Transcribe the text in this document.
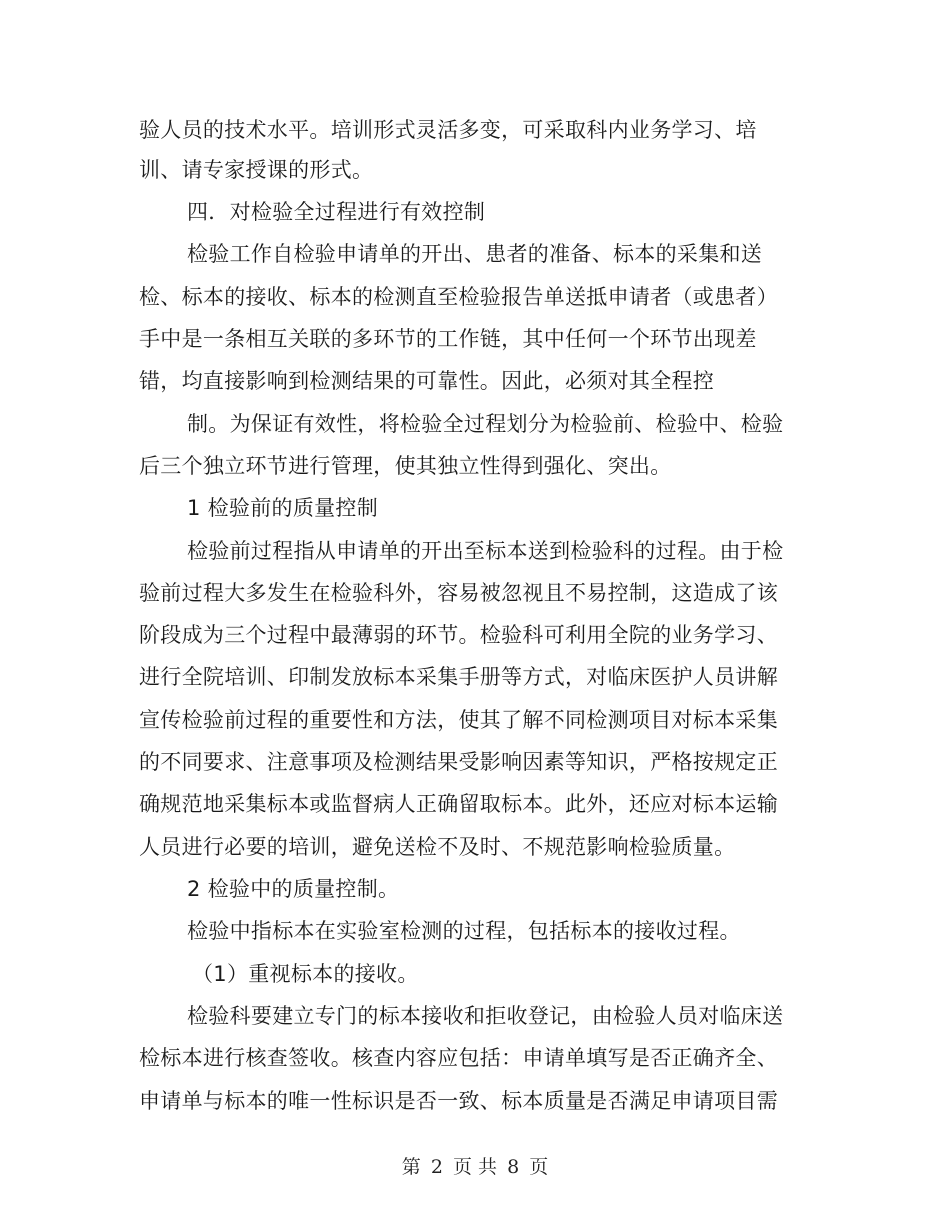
验人员的技术水平。培训形式灵活多变，可采取科内业务学习、培
训、请专家授课的形式。
四．对检验全过程进行有效控制
检验工作自检验申请单的开出、患者的准备、标本的采集和送
检、标本的接收、标本的检测直至检验报告单送抵申请者（或患者）
手中是一条相互关联的多环节的工作链，其中任何一个环节出现差
错，均直接影响到检测结果的可靠性。因此，必须对其全程控
制。为保证有效性，将检验全过程划分为检验前、检验中、检验
后三个独立环节进行管理，使其独立性得到强化、突出。
1 检验前的质量控制
检验前过程指从申请单的开出至标本送到检验科的过程。由于检
验前过程大多发生在检验科外，容易被忽视且不易控制，这造成了该
阶段成为三个过程中最薄弱的环节。检验科可利用全院的业务学习、
进行全院培训、印制发放标本采集手册等方式，对临床医护人员讲解
宣传检验前过程的重要性和方法，使其了解不同检测项目对标本采集
的不同要求、注意事项及检测结果受影响因素等知识，严格按规定正
确规范地采集标本或监督病人正确留取标本。此外，还应对标本运输
人员进行必要的培训，避免送检不及时、不规范影响检验质量。
2 检验中的质量控制。
检验中指标本在实验室检测的过程，包括标本的接收过程。
（1）重视标本的接收。
检验科要建立专门的标本接收和拒收登记，由检验人员对临床送
检标本进行核查签收。核查内容应包括：申请单填写是否正确齐全、
申请单与标本的唯一性标识是否一致、标本质量是否满足申请项目需
第 2 页 共 8 页
